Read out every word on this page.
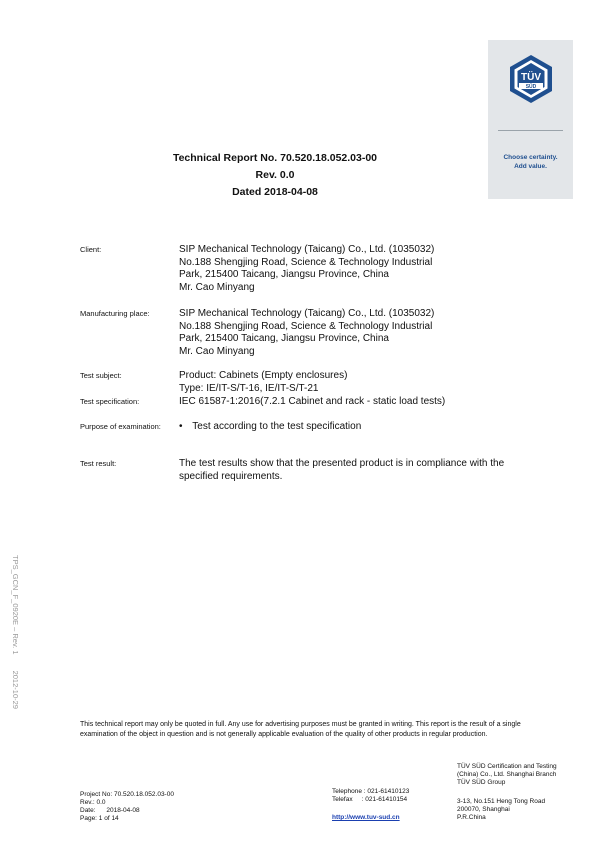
TÜV
SÜD
Choose certainty.
Add value.
Technical Report No. 70.520.18.052.03-00
Rev. 0.0
Dated 2018-04-08
Client:	SIP Mechanical Technology (Taicang) Co., Ltd. (1035032)
No.188 Shengjing Road, Science & Technology Industrial
Park, 215400 Taicang, Jiangsu Province, China
Mr. Cao Minyang
Manufacturing place:	SIP Mechanical Technology (Taicang) Co., Ltd. (1035032)
No.188 Shengjing Road, Science & Technology Industrial
Park, 215400 Taicang, Jiangsu Province, China
Mr. Cao Minyang
Test subject:	Product: Cabinets (Empty enclosures)
Type: IE/IT-S/T-16, IE/IT-S/T-21
Test specification:	IEC 61587-1:2016(7.2.1 Cabinet and rack - static load tests)
Purpose of examination: • Test according to the test specification
Test result:	The test results show that the presented product is in compliance with the
specified requirements.
TPS_GCN_F_0920E – Rev. 1 2012-10-29
This technical report may only be quoted in full. Any use for advertising purposes must be granted in writing. This report is the result of a single examination of the object in question and is not generally applicable evaluation of the quality of other products in regular production.
Project No: 70.520.18.052.03-00
Rev.: 0.0
Date:      2018-04-08
Page: 1 of 14
Telephone : 021-61410123
Telefax     : 021-61410154
http://www.tuv-sud.cn
TÜV SÜD Certification and Testing
(China) Co., Ltd. Shanghai Branch
TÜV SÜD Group
3-13, No.151 Heng Tong Road
200070, Shanghai
P.R.China
